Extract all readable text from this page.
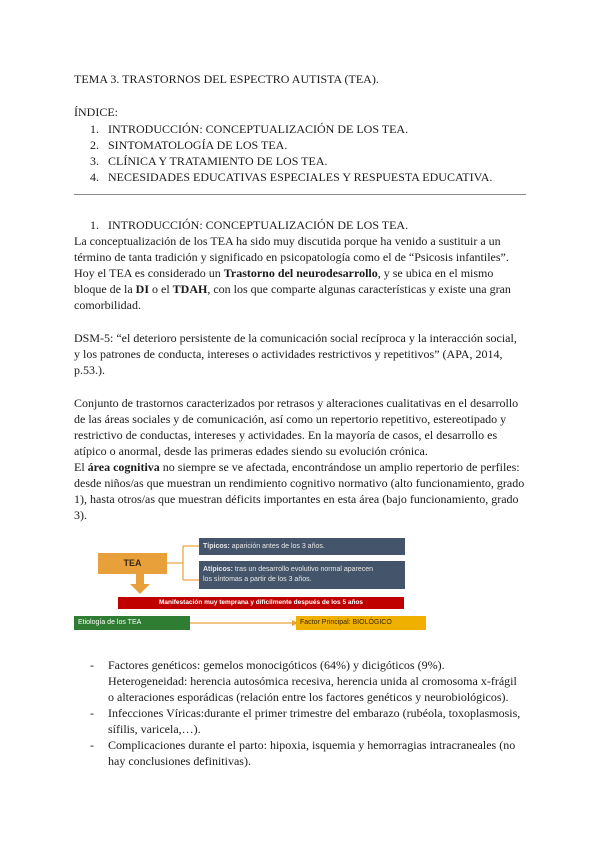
TEMA 3. TRASTORNOS DEL ESPECTRO AUTISTA (TEA).
ÍNDICE:
1. INTRODUCCIÓN: CONCEPTUALIZACIÓN DE LOS TEA.
2. SINTOMATOLOGÍA DE LOS TEA.
3. CLÍNICA Y TRATAMIENTO DE LOS TEA.
4. NECESIDADES EDUCATIVAS ESPECIALES Y RESPUESTA EDUCATIVA.
1. INTRODUCCIÓN: CONCEPTUALIZACIÓN DE LOS TEA.
La conceptualización de los TEA ha sido muy discutida porque ha venido a sustituir a un
término de tanta tradición y significado en psicopatología como el de “Psicosis infantiles”.
Hoy el TEA es considerado un Trastorno del neurodesarrollo, y se ubica en el mismo
bloque de la DI o el TDAH, con los que comparte algunas características y existe una gran
comorbilidad.
DSM-5: “el deterioro persistente de la comunicación social recíproca y la interacción social,
y los patrones de conducta, intereses o actividades restrictivos y repetitivos” (APA, 2014,
p.53.).
Conjunto de trastornos caracterizados por retrasos y alteraciones cualitativas en el desarrollo
de las áreas sociales y de comunicación, así como un repertorio repetitivo, estereotipado y
restrictivo de conductas, intereses y actividades. En la mayoría de casos, el desarrollo es
atípico o anormal, desde las primeras edades siendo su evolución crónica.
El área cognitiva no siempre se ve afectada, encontrándose un amplio repertorio de perfiles:
desde niños/as que muestran un rendimiento cognitivo normativo (alto funcionamiento, grado
1), hasta otros/as que muestran déficits importantes en esta área (bajo funcionamiento, grado
3).
TEA
Típicos: aparición antes de los 3 años.
Atípicos: tras un desarrollo evolutivo normal aparecen
los síntomas a partir de los 3 años.
Manifestación muy temprana y difícilmente después de los 5 años
Etiología de los TEA	Factor Principal: BIOLÓGICO
- Factores genéticos: gemelos monocigóticos (64%) y dicigóticos (9%).
Heterogeneidad: herencia autosómica recesiva, herencia unida al cromosoma x-frágil
o alteraciones esporádicas (relación entre los factores genéticos y neurobiológicos).
- Infecciones Víricas:durante el primer trimestre del embarazo (rubéola, toxoplasmosis,
sífilis, varicela,…).
- Complicaciones durante el parto: hipoxia, isquemia y hemorragias intracraneales (no
hay conclusiones definitivas).
